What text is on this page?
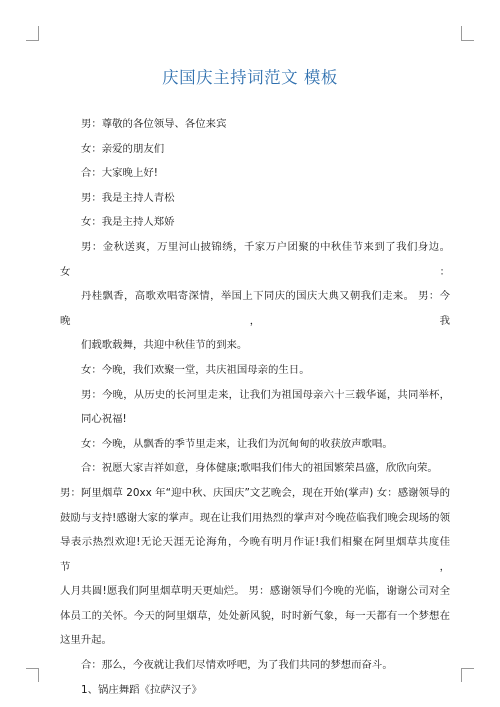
庆国庆主持词范文 模板
男：尊敬的各位领导、各位来宾
女：亲爱的朋友们
合：大家晚上好!
男：我是主持人青松
女：我是主持人郑娇
男：金秋送爽，万里河山披锦绣，千家万户团聚的中秋佳节来到了我们身边。 女：
丹桂飘香，高歌欢唱寄深情，举国上下同庆的国庆大典又朝我们走来。 男：今晚，我
们载歌载舞，共迎中秋佳节的到来。
女：今晚，我们欢聚一堂，共庆祖国母亲的生日。
男：今晚，从历史的长河里走来，让我们为祖国母亲六十三载华诞，共同举杯，
同心祝福!
女：今晚，从飘香的季节里走来，让我们为沉甸甸的收获放声歌唱。
合：祝愿大家吉祥如意，身体健康;歌唱我们伟大的祖国繁荣昌盛，欣欣向荣。
男：阿里烟草 20xx 年“迎中秋、庆国庆”文艺晚会，现在开始(掌声) 女：感谢领导的
鼓励与支持!感谢大家的掌声。现在让我们用热烈的掌声对今晚莅临我们晚会现场的领
导表示热烈欢迎!无论天涯无论海角，今晚有明月作证!我们相聚在阿里烟草共度佳节，
人月共圆!愿我们阿里烟草明天更灿烂。 男：感谢领导们今晚的光临，谢谢公司对全
体员工的关怀。今天的阿里烟草，处处新风貌，时时新气象，每一天都有一个梦想在
这里升起。
合：那么，今夜就让我们尽情欢呼吧，为了我们共同的梦想而奋斗。
1、锅庄舞蹈《拉萨汉子》
